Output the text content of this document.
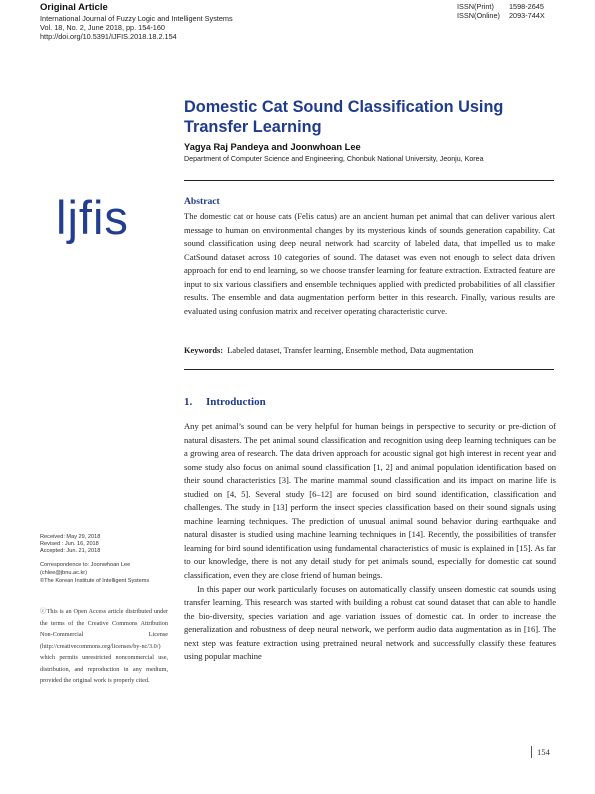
Original Article
International Journal of Fuzzy Logic and Intelligent Systems
Vol. 18, No. 2, June 2018, pp. 154-160
http://doi.org/10.5391/IJFIS.2018.18.2.154
ISSN(Print) 1598-2645
ISSN(Online) 2093-744X
Domestic Cat Sound Classification Using Transfer Learning
Yagya Raj Pandeya and Joonwhoan Lee
Department of Computer Science and Engineering, Chonbuk National University, Jeonju, Korea
ljfis	Abstract
The domestic cat or house cats (Felis catus) are an ancient human pet animal that can deliver various alert message to human on environmental changes by its mysterious kinds of sounds generation capability. Cat sound classification using deep neural network had scarcity of labeled data, that impelled us to make CatSound dataset across 10 categories of sound. The dataset was even not enough to select data driven approach for end to end learning, so we choose transfer learning for feature extraction. Extracted feature are input to six various classifiers and ensemble techniques applied with predicted probabilities of all classifier results. The ensemble and data augmentation perform better in this research. Finally, various results are evaluated using confusion matrix and receiver operating characteristic curve.
Keywords: Labeled dataset, Transfer learning, Ensemble method, Data augmentation
1. Introduction

Any pet animal’s sound can be very helpful for human beings in perspective to security or pre-diction of natural disasters. The pet animal sound classification and recognition using deep learning techniques can be a growing area of research. The data driven approach for acoustic signal got high interest in recent year and some study also focus on animal sound classification [1, 2] and animal population identification based on their sound characteristics [3]. The marine mammal sound classification and its impact on marine life is studied on [4, 5]. Several study [6–12] are focused on bird sound identification, classification and challenges. The study in [13] perform the insect species classification based on their sound signals using machine learning techniques. The prediction of unusual animal sound behavior during earthquake and natural disaster is studied using machine learning techniques in [14]. Recently, the possibilities of transfer learning for bird sound identification using fundamental characteristics of music is explained in [15]. As far to our knowledge, there is not any detail study for pet animals sound, especially for domestic cat sound classification, even they are close friend of human beings.

In this paper our work particularly focuses on automatically classify unseen domestic cat sounds using transfer learning. This research was started with building a robust cat sound dataset that can able to handle the bio-diversity, species variation and age variation issues of domestic cat. In order to increase the generalization and robustness of deep neural network, we perform audio data augmentation as in [16]. The next step was feature extraction using pretrained neural network and successfully classify these features using popular machine

Received: May 29, 2018
Revised : Jun. 16, 2018
Accepted: Jun. 21, 2018
Correspondence to: Joonwhoan Lee
(chlee@jbnu.ac.kr)
©The Korean Institute of Intelligent Systems
ⓒThis is an Open Access article distributed under the terms of the Creative Commons Attribution Non-Commercial License (http://creativecommons.org/licenses/by-nc/3.0/) which permits unrestricted noncommercial use, distribution, and reproduction in any medium, provided the original work is properly cited.
154
